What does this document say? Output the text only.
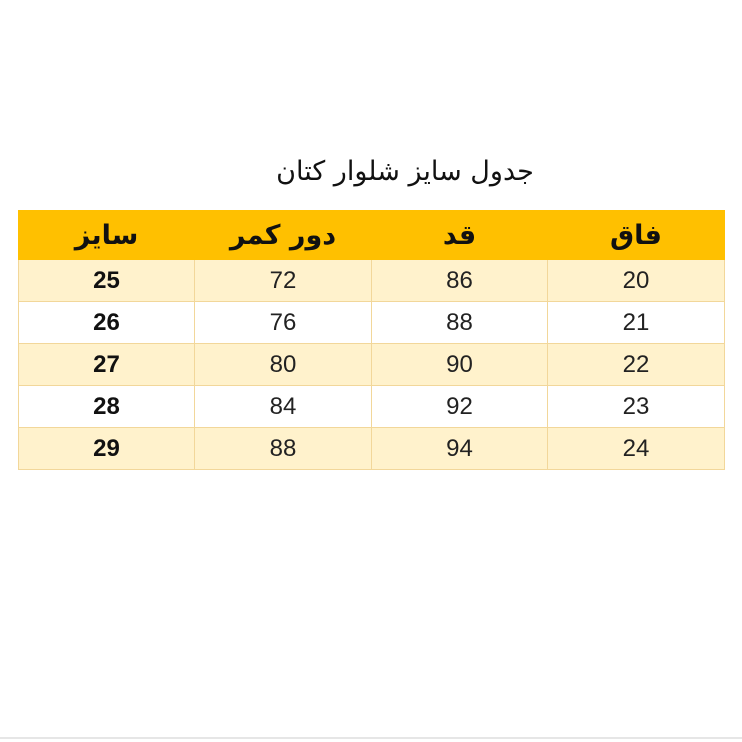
جدول سایز شلوار کتان
سایز	دور کمر	قد	فاق
25	72	86	20
26	76	88	21
27	80	90	22
28	84	92	23
29	88	94	24
